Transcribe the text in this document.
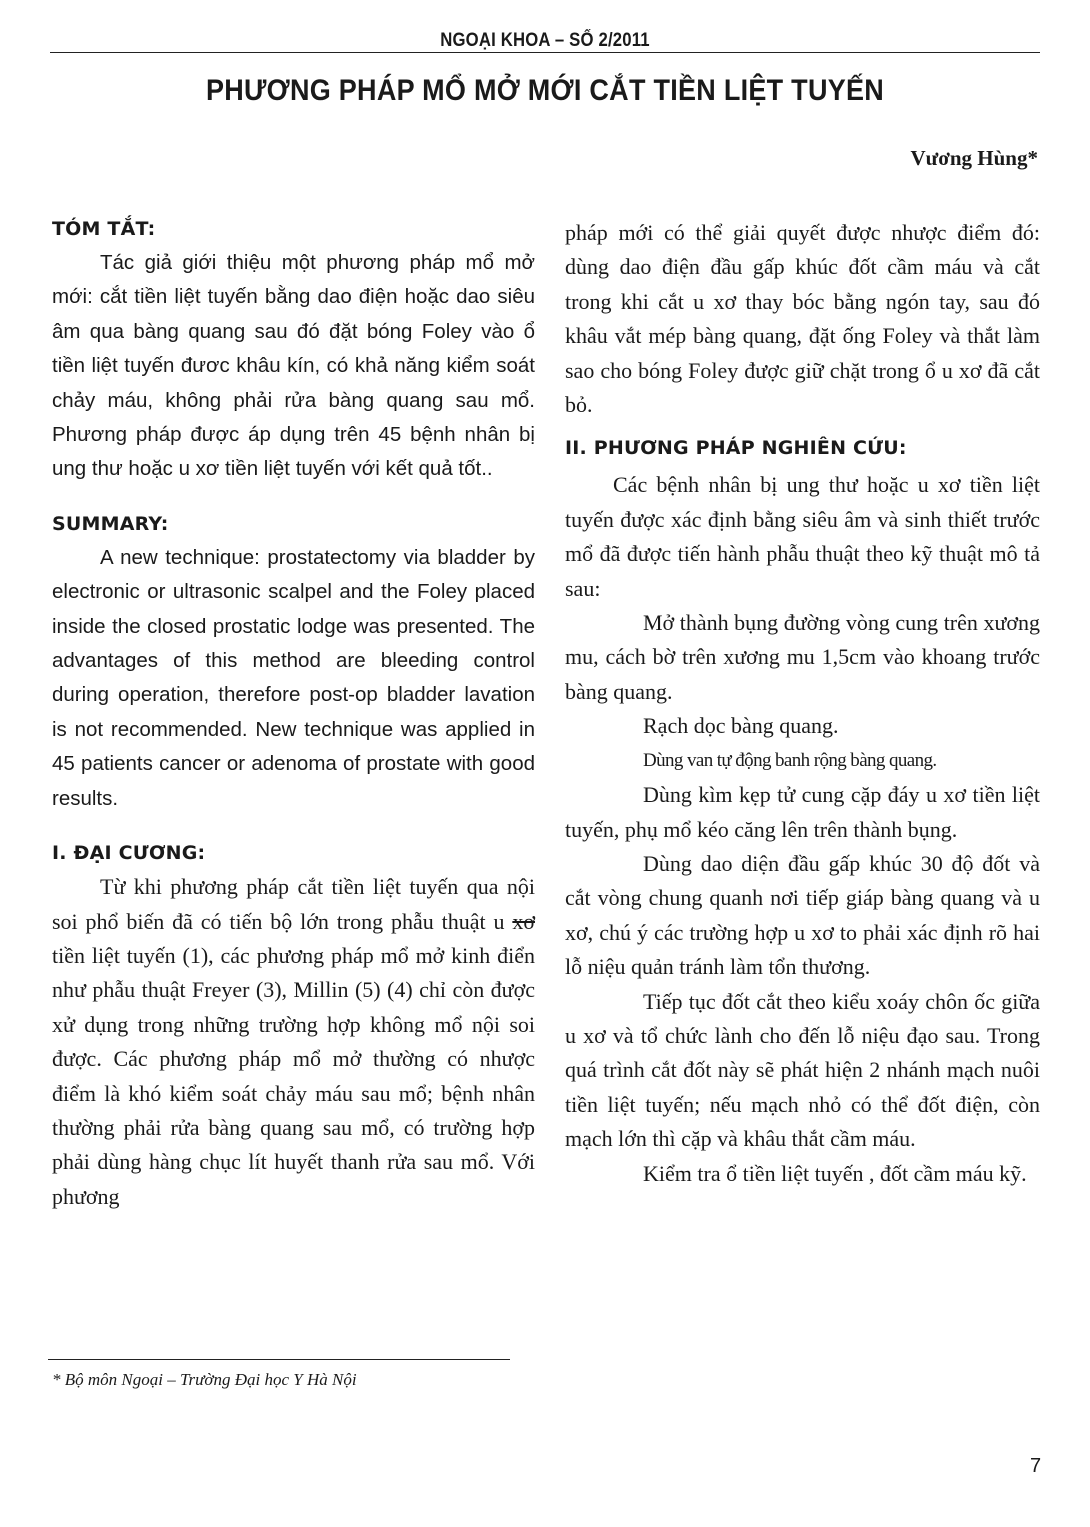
NGOẠI KHOA – SỐ 2/2011
PHƯƠNG PHÁP MỔ MỞ MỚI CẮT TIỀN LIỆT TUYẾN
Vương Hùng*
TÓM TẮT:

Tác giả giới thiệu một phương pháp mổ mở mới: cắt tiền liệt tuyến bằng dao điện hoặc dao siêu âm qua bàng quang sau đó đặt bóng Foley vào ổ tiền liệt tuyến đươc khâu kín, có khả năng kiểm soát chảy máu, không phải rửa bàng quang sau mổ. Phương pháp được áp dụng trên 45 bệnh nhân bị ung thư hoặc u xơ tiền liệt tuyến với kết quả tốt..

SUMMARY:

A new technique: prostatectomy via bladder by electronic or ultrasonic scalpel and the Foley placed inside the closed prostatic lodge was presented. The advantages of this method are bleeding control during operation, therefore post-op bladder lavation is not recommended. New technique was applied in 45 patients cancer or adenoma of prostate with good results.

I. ĐẠI CƯƠNG:

Từ khi phương pháp cắt tiền liệt tuyến qua nội soi phổ biến đã có tiến bộ lớn trong phẫu thuật u xơ tiền liệt tuyến (1), các phương pháp mổ mở kinh điển như phẫu thuật Freyer (3), Millin (5) (4) chỉ còn được xử dụng trong những trường hợp không mổ nội soi được. Các phương pháp mổ mở thường có nhược điểm là khó kiểm soát chảy máu sau mổ; bệnh nhân thường phải rửa bàng quang sau mổ, có trường hợp phải dùng hàng chục lít huyết thanh rửa sau mổ. Với phương

pháp mới có thể giải quyết được nhược điểm đó: dùng dao điện đầu gấp khúc đốt cầm máu và cắt trong khi cắt u xơ thay bóc bằng ngón tay, sau đó khâu vắt mép bàng quang, đặt ống Foley và thắt làm sao cho bóng Foley được giữ chặt trong ổ u xơ đã cắt bỏ.

II. PHƯƠNG PHÁP NGHIÊN CỨU:

Các bệnh nhân bị ung thư hoặc u xơ tiền liệt tuyến được xác định bằng siêu âm và sinh thiết trước mổ đã được tiến hành phẫu thuật theo kỹ thuật mô tả sau:

Mở thành bụng đường vòng cung trên xương mu, cách bờ trên xương mu 1,5cm vào khoang trước bàng quang.

Rạch dọc bàng quang.

Dùng van tự động banh rộng bàng quang.

Dùng kìm kẹp tử cung cặp đáy u xơ tiền liệt tuyến, phụ mổ kéo căng lên trên thành bụng.

Dùng dao diện đầu gấp khúc 30 độ đốt và cắt vòng chung quanh nơi tiếp giáp bàng quang và u xơ, chú ý các trường hợp u xơ to phải xác định rõ hai lỗ niệu quản tránh làm tổn thương.

Tiếp tục đốt cắt theo kiểu xoáy chôn ốc giữa u xơ và tổ chức lành cho đến lỗ niệu đạo sau. Trong quá trình cắt đốt này sẽ phát hiện 2 nhánh mạch nuôi tiền liệt tuyến; nếu mạch nhỏ có thể đốt điện, còn mạch lớn thì cặp và khâu thắt cầm máu.

Kiểm tra ổ tiền liệt tuyến , đốt cầm máu kỹ.

* Bộ môn Ngoại – Trường Đại học Y Hà Nội
7
